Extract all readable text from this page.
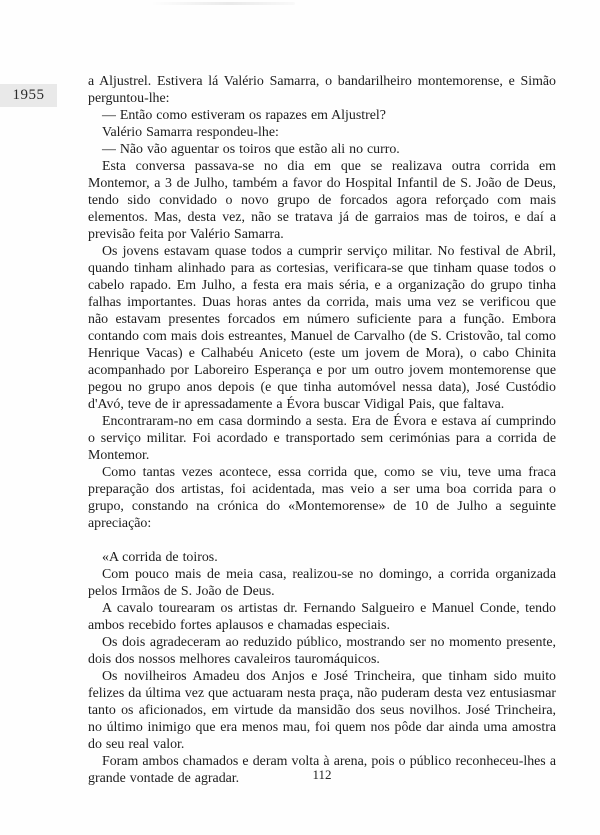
1955

a Aljustrel. Estivera lá Valério Samarra, o bandarilheiro montemorense, e Simão perguntou-lhe:

— Então como estiveram os rapazes em Aljustrel?

Valério Samarra respondeu-lhe:

— Não vão aguentar os toiros que estão ali no curro.

Esta conversa passava-se no dia em que se realizava outra corrida em Montemor, a 3 de Julho, também a favor do Hospital Infantil de S. João de Deus, tendo sido convidado o novo grupo de forcados agora reforçado com mais elementos. Mas, desta vez, não se tratava já de garraios mas de toiros, e daí a previsão feita por Valério Samarra.

Os jovens estavam quase todos a cumprir serviço militar. No festival de Abril, quando tinham alinhado para as cortesias, verificara-se que tinham quase todos o cabelo rapado. Em Julho, a festa era mais séria, e a organização do grupo tinha falhas importantes. Duas horas antes da corrida, mais uma vez se verificou que não estavam presentes forcados em número suficiente para a função. Embora contando com mais dois estreantes, Manuel de Carvalho (de S. Cristovão, tal como Henrique Vacas) e Calhabéu Aniceto (este um jovem de Mora), o cabo Chinita acompanhado por Laboreiro Esperança e por um outro jovem montemorense que pegou no grupo anos depois (e que tinha automóvel nessa data), José Custódio d'Avó, teve de ir apressadamente a Évora buscar Vidigal Pais, que faltava.

Encontraram-no em casa dormindo a sesta. Era de Évora e estava aí cumprindo o serviço militar. Foi acordado e transportado sem cerimónias para a corrida de Montemor.

Como tantas vezes acontece, essa corrida que, como se viu, teve uma fraca preparação dos artistas, foi acidentada, mas veio a ser uma boa corrida para o grupo, constando na crónica do «Montemorense» de 10 de Julho a seguinte apreciação:

«A corrida de toiros.

Com pouco mais de meia casa, realizou-se no domingo, a corrida organizada pelos Irmãos de S. João de Deus.

A cavalo tourearam os artistas dr. Fernando Salgueiro e Manuel Conde, tendo ambos recebido fortes aplausos e chamadas especiais.

Os dois agradeceram ao reduzido público, mostrando ser no momento presente, dois dos nossos melhores cavaleiros tauromáquicos.

Os novilheiros Amadeu dos Anjos e José Trincheira, que tinham sido muito felizes da última vez que actuaram nesta praça, não puderam desta vez entusiasmar tanto os aficionados, em virtude da mansidão dos seus novilhos. José Trincheira, no último inimigo que era menos mau, foi quem nos pôde dar ainda uma amostra do seu real valor.

Foram ambos chamados e deram volta à arena, pois o público reconheceu-lhes a grande vontade de agradar.	112
